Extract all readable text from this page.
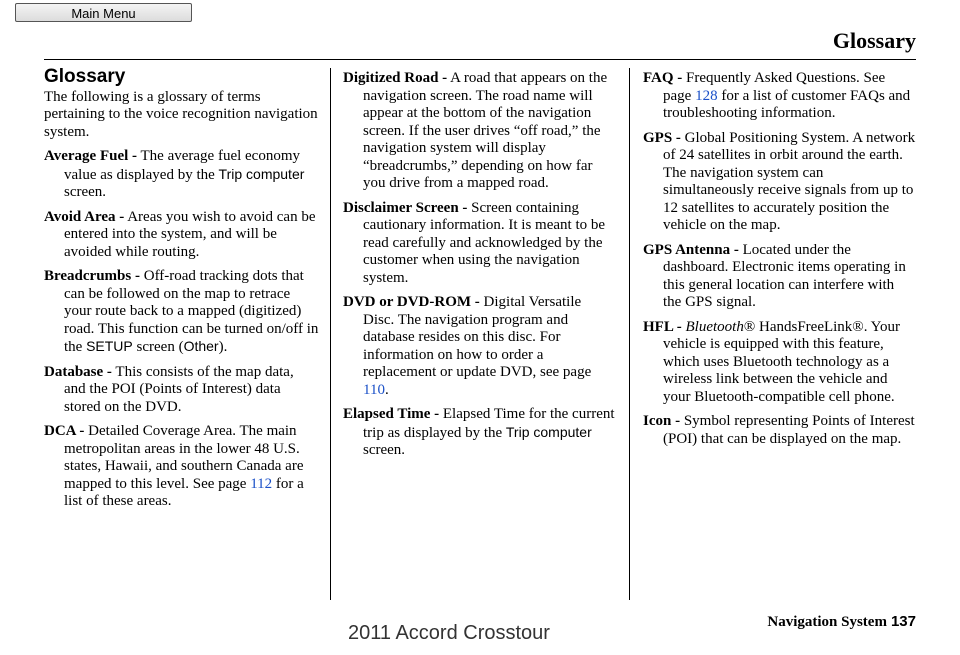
Main Menu
Glossary
Glossary

The following is a glossary of terms pertaining to the voice recognition navigation system.

Average Fuel - The average fuel economy value as displayed by the Trip computer screen.

Avoid Area - Areas you wish to avoid can be entered into the system, and will be avoided while routing.

Breadcrumbs - Off-road tracking dots that can be followed on the map to retrace your route back to a mapped (digitized) road. This function can be turned on/off in the SETUP screen (Other).

Database - This consists of the map data, and the POI (Points of Interest) data stored on the DVD.

DCA - Detailed Coverage Area. The main metropolitan areas in the lower 48 U.S. states, Hawaii, and southern Canada are mapped to this level. See page 112 for a list of these areas.

Digitized Road - A road that appears on the navigation screen. The road name will appear at the bottom of the navigation screen. If the user drives “off road,” the navigation system will display “breadcrumbs,” depending on how far you drive from a mapped road.

Disclaimer Screen - Screen containing cautionary information. It is meant to be read carefully and acknowledged by the customer when using the navigation system.

DVD or DVD-ROM - Digital Versatile Disc. The navigation program and database resides on this disc. For information on how to order a replacement or update DVD, see page 110.

Elapsed Time - Elapsed Time for the current trip as displayed by the Trip computer screen.

FAQ - Frequently Asked Questions. See page 128 for a list of customer FAQs and troubleshooting information.

GPS - Global Positioning System. A network of 24 satellites in orbit around the earth. The navigation system can simultaneously receive signals from up to 12 satellites to accurately position the vehicle on the map.

GPS Antenna - Located under the dashboard. Electronic items operating in this general location can interfere with the GPS signal.

HFL - Bluetooth® HandsFreeLink®. Your vehicle is equipped with this feature, which uses Bluetooth technology as a wireless link between the vehicle and your Bluetooth-compatible cell phone.

Icon - Symbol representing Points of Interest (POI) that can be displayed on the map.

Navigation System 137
2011 Accord Crosstour
